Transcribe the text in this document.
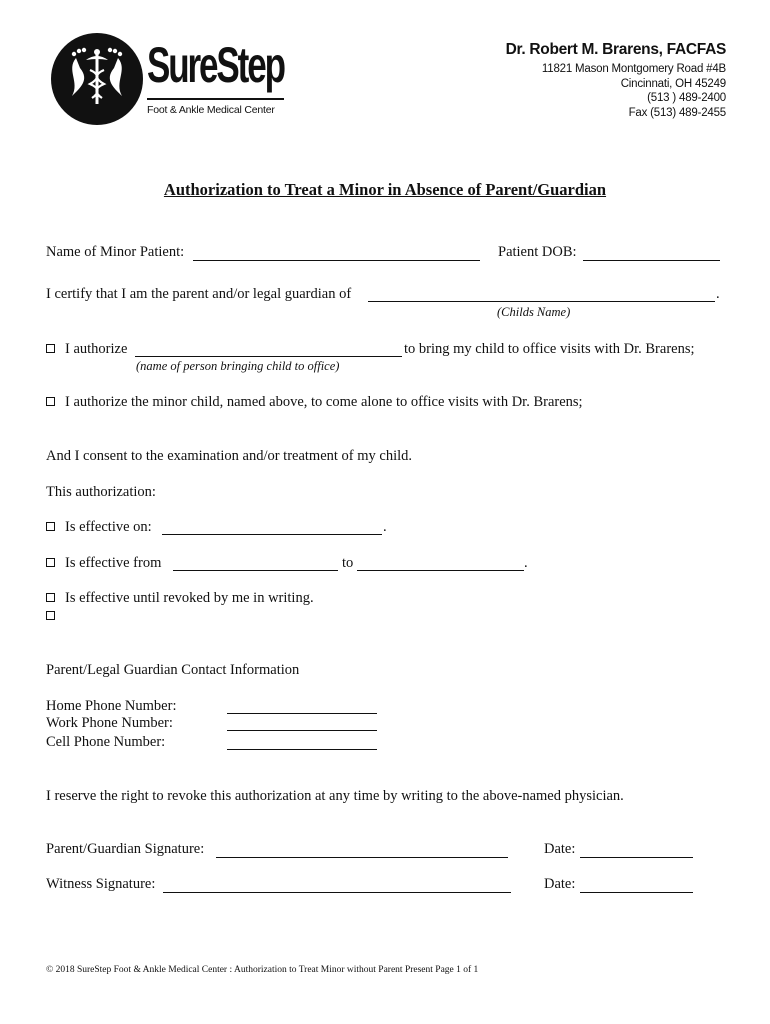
SureStep
Foot & Ankle Medical Center
Dr. Robert M. Brarens, FACFAS
11821 Mason Montgomery Road #4B
Cincinnati, OH 45249
(513 ) 489-2400
Fax (513) 489-2455
Authorization to Treat a Minor in Absence of Parent/Guardian
Name of Minor Patient:	Patient DOB:
I certify that I am the parent and/or legal guardian of	.
(Childs Name)
I authorize	to bring my child to office visits with Dr. Brarens;
(name of person bringing child to office)
I authorize the minor child, named above, to come alone to office visits with Dr. Brarens;
And I consent to the examination and/or treatment of my child.
This authorization:
Is effective on:	.
Is effective from	to	.
Is effective until revoked by me in writing.
Parent/Legal Guardian Contact Information
Home Phone Number:
Work Phone Number:
Cell Phone Number:
I reserve the right to revoke this authorization at any time by writing to the above-named physician.
Parent/Guardian Signature:	Date:
Witness Signature:	Date:
© 2018 SureStep Foot & Ankle Medical Center : Authorization to Treat Minor without Parent Present Page 1 of 1
